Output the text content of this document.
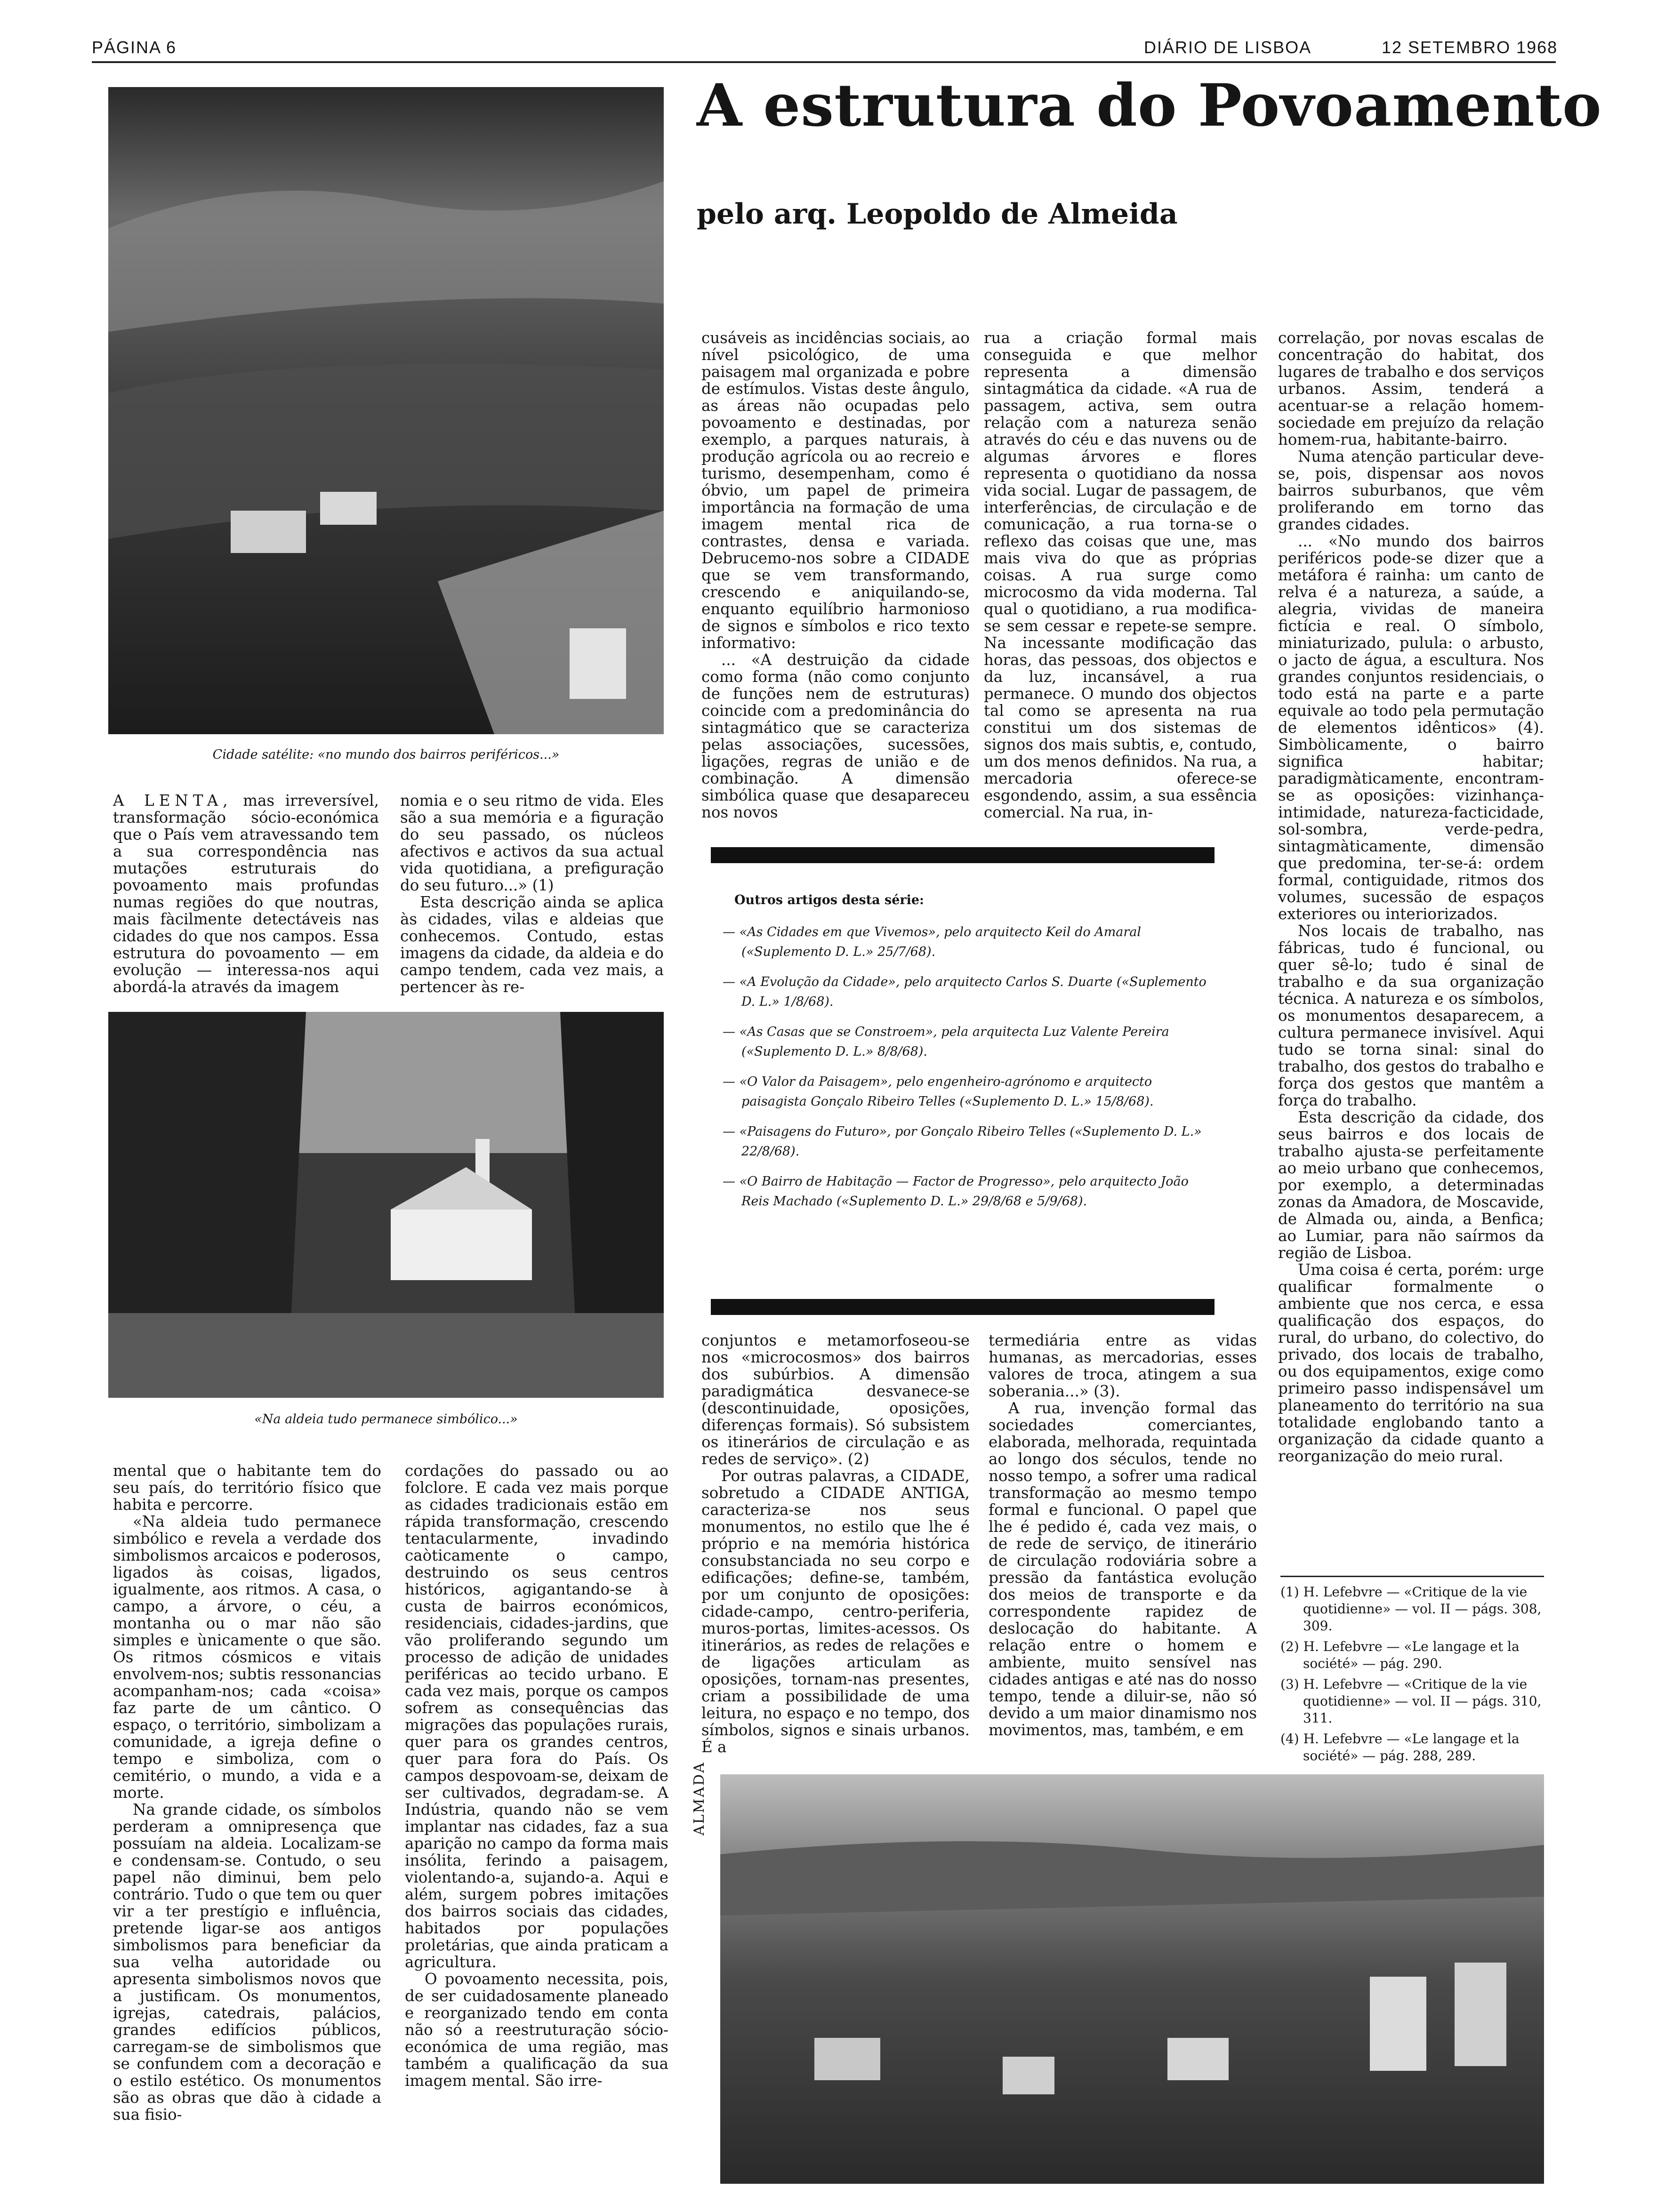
PÁGINA 6	DIÁRIO DE LISBOA	12 SETEMBRO 1968
Cidade satélite: «no mundo dos bairros periféricos...»
A estrutura do Povoamento
pelo arq. Leopoldo de Almeida

A LENTA, mas irreversível, transformação sócio-económica que o País vem atravessando tem a sua correspondência nas mutações estruturais do povoamento mais profundas numas regiões do que noutras, mais fàcilmente detectáveis nas cidades do que nos campos. Essa estrutura do povoamento — em evolução — interessa-nos aqui abordá-la através da imagem

nomia e o seu ritmo de vida. Eles são a sua memória e a figuração do seu passado, os núcleos afectivos e activos da sua actual vida quotidiana, a prefiguração do seu futuro...» (1)

Esta descrição ainda se aplica às cidades, vilas e aldeias que conhecemos. Contudo, estas imagens da cidade, da aldeia e do campo tendem, cada vez mais, a pertencer às re-

«Na aldeia tudo permanece simbólico...»

mental que o habitante tem do seu país, do território físico que habita e percorre.

«Na aldeia tudo permanece simbólico e revela a verdade dos simbolismos arcaicos e poderosos, ligados às coisas, ligados, igualmente, aos ritmos. A casa, o campo, a árvore, o céu, a montanha ou o mar não são simples e ùnicamente o que são. Os ritmos cósmicos e vitais envolvem-nos; subtis ressonancias acompanham-nos; cada «coisa» faz parte de um cântico. O espaço, o território, simbolizam a comunidade, a igreja define o tempo e simboliza, com o cemitério, o mundo, a vida e a morte.

Na grande cidade, os símbolos perderam a omnipresença que possuíam na aldeia. Localizam-se e condensam-se. Contudo, o seu papel não diminui, bem pelo contrário. Tudo o que tem ou quer vir a ter prestígio e influência, pretende ligar-se aos antigos simbolismos para beneficiar da sua velha autoridade ou apresenta simbolismos novos que a justificam. Os monumentos, igrejas, catedrais, palácios, grandes edifícios públicos, carregam-se de simbolismos que se confundem com a decoração e o estilo estético. Os monumentos são as obras que dão à cidade a sua fisio-

cordações do passado ou ao folclore. E cada vez mais porque as cidades tradicionais estão em rápida transformação, crescendo tentacularmente, invadindo caòticamente o campo, destruindo os seus centros históricos, agigantando-se à custa de bairros económicos, residenciais, cidades-jardins, que vão proliferando segundo um processo de adição de unidades periféricas ao tecido urbano. E cada vez mais, porque os campos sofrem as consequências das migrações das populações rurais, quer para os grandes centros, quer para fora do País. Os campos despovoam-se, deixam de ser cultivados, degradam-se. A Indústria, quando não se vem implantar nas cidades, faz a sua aparição no campo da forma mais insólita, ferindo a paisagem, violentando-a, sujando-a. Aqui e além, surgem pobres imitações dos bairros sociais das cidades, habitados por populações proletárias, que ainda praticam a agricultura.

O povoamento necessita, pois, de ser cuidadosamente planeado e reorganizado tendo em conta não só a reestruturação sócio-económica de uma região, mas também a qualificação da sua imagem mental. São irre-

cusáveis as incidências sociais, ao nível psicológico, de uma paisagem mal organizada e pobre de estímulos. Vistas deste ângulo, as áreas não ocupadas pelo povoamento e destinadas, por exemplo, a parques naturais, à produção agrícola ou ao recreio e turismo, desempenham, como é óbvio, um papel de primeira importância na formação de uma imagem mental rica de contrastes, densa e variada. Debrucemo-nos sobre a CIDADE que se vem transformando, crescendo e aniquilando-se, enquanto equilíbrio harmonioso de signos e símbolos e rico texto informativo:

... «A destruição da cidade como forma (não como conjunto de funções nem de estruturas) coincide com a predominância do sintagmático que se caracteriza pelas associações, sucessões, ligações, regras de união e de combinação. A dimensão simbólica quase que desapareceu nos novos

rua a criação formal mais conseguida e que melhor representa a dimensão sintagmática da cidade. «A rua de passagem, activa, sem outra relação com a natureza senão através do céu e das nuvens ou de algumas árvores e flores representa o quotidiano da nossa vida social. Lugar de passagem, de interferências, de circulação e de comunicação, a rua torna-se o reflexo das coisas que une, mas mais viva do que as próprias coisas. A rua surge como microcosmo da vida moderna. Tal qual o quotidiano, a rua modifica-se sem cessar e repete-se sempre. Na incessante modificação das horas, das pessoas, dos objectos e da luz, incansável, a rua permanece. O mundo dos objectos tal como se apresenta na rua constitui um dos sistemas de signos dos mais subtis, e, contudo, um dos menos definidos. Na rua, a mercadoria oferece-se esgondendo, assim, a sua essência comercial. Na rua, in-

Outros artigos desta série:
— «As Cidades em que Vivemos», pelo arquitecto Keil do Amaral («Suplemento D. L.» 25/7/68).
— «A Evolução da Cidade», pelo arquitecto Carlos S. Duarte («Suplemento D. L.» 1/8/68).
— «As Casas que se Constroem», pela arquitecta Luz Valente Pereira («Suplemento D. L.» 8/8/68).
— «O Valor da Paisagem», pelo engenheiro-agrónomo e arquitecto paisagista Gonçalo Ribeiro Telles («Suplemento D. L.» 15/8/68).
— «Paisagens do Futuro», por Gonçalo Ribeiro Telles («Suplemento D. L.» 22/8/68).
— «O Bairro de Habitação — Factor de Progresso», pelo arquitecto João Reis Machado («Suplemento D. L.» 29/8/68 e 5/9/68).

conjuntos e metamorfoseou-se nos «microcosmos» dos bairros dos subúrbios. A dimensão paradigmática desvanece-se (descontinuidade, oposições, diferenças formais). Só subsistem os itinerários de circulação e as redes de serviço». (2)

Por outras palavras, a CIDADE, sobretudo a CIDADE ANTIGA, caracteriza-se nos seus monumentos, no estilo que lhe é próprio e na memória histórica consubstanciada no seu corpo e edificações; define-se, também, por um conjunto de oposições: cidade-campo, centro-periferia, muros-portas, limites-acessos. Os itinerários, as redes de relações e de ligações articulam as oposições, tornam-nas presentes, criam a possibilidade de uma leitura, no espaço e no tempo, dos símbolos, signos e sinais urbanos. É a

termediária entre as vidas humanas, as mercadorias, esses valores de troca, atingem a sua soberania...» (3).

A rua, invenção formal das sociedades comerciantes, elaborada, melhorada, requintada ao longo dos séculos, tende no nosso tempo, a sofrer uma radical transformação ao mesmo tempo formal e funcional. O papel que lhe é pedido é, cada vez mais, o de rede de serviço, de itinerário de circulação rodoviária sobre a pressão da fantástica evolução dos meios de transporte e da correspondente rapidez de deslocação do habitante. A relação entre o homem e ambiente, muito sensível nas cidades antigas e até nas do nosso tempo, tende a diluir-se, não só devido a um maior dinamismo nos movimentos, mas, também, e em

correlação, por novas escalas de concentração do habitat, dos lugares de trabalho e dos serviços urbanos. Assim, tenderá a acentuar-se a relação homem-sociedade em prejuízo da relação homem-rua, habitante-bairro.

Numa atenção particular deve-se, pois, dispensar aos novos bairros suburbanos, que vêm proliferando em torno das grandes cidades.

... «No mundo dos bairros periféricos pode-se dizer que a metáfora é rainha: um canto de relva é a natureza, a saúde, a alegria, vividas de maneira fictícia e real. O símbolo, miniaturizado, pulula: o arbusto, o jacto de água, a escultura. Nos grandes conjuntos residenciais, o todo está na parte e a parte equivale ao todo pela permutação de elementos idênticos» (4). Simbòlicamente, o bairro significa habitar; paradigmàticamente, encontram-se as oposições: vizinhança-intimidade, natureza-facticidade, sol-sombra, verde-pedra, sintagmàticamente, dimensão que predomina, ter-se-á: ordem formal, contiguidade, ritmos dos volumes, sucessão de espaços exteriores ou interiorizados.

Nos locais de trabalho, nas fábricas, tudo é funcional, ou quer sê-lo; tudo é sinal de trabalho e da sua organização técnica. A natureza e os símbolos, os monumentos desaparecem, a cultura permanece invisível. Aqui tudo se torna sinal: sinal do trabalho, dos gestos do trabalho e força dos gestos que mantêm a força do trabalho.

Esta descrição da cidade, dos seus bairros e dos locais de trabalho ajusta-se perfeitamente ao meio urbano que conhecemos, por exemplo, a determinadas zonas da Amadora, de Moscavide, de Almada ou, ainda, a Benfica; ao Lumiar, para não saírmos da região de Lisboa.

Uma coisa é certa, porém: urge qualificar formalmente o ambiente que nos cerca, e essa qualificação dos espaços, do rural, do urbano, do colectivo, do privado, dos locais de trabalho, ou dos equipamentos, exige como primeiro passo indispensável um planeamento do território na sua totalidade englobando tanto a organização da cidade quanto a reorganização do meio rural.

(1) H. Lefebvre — «Critique de la vie quotidienne» — vol. II — págs. 308, 309.
(2) H. Lefebvre — «Le langage et la société» — pág. 290.
(3) H. Lefebvre — «Critique de la vie quotidienne» — vol. II — págs. 310, 311.
(4) H. Lefebvre — «Le langage et la société» — pág. 288, 289.
ALMADA
